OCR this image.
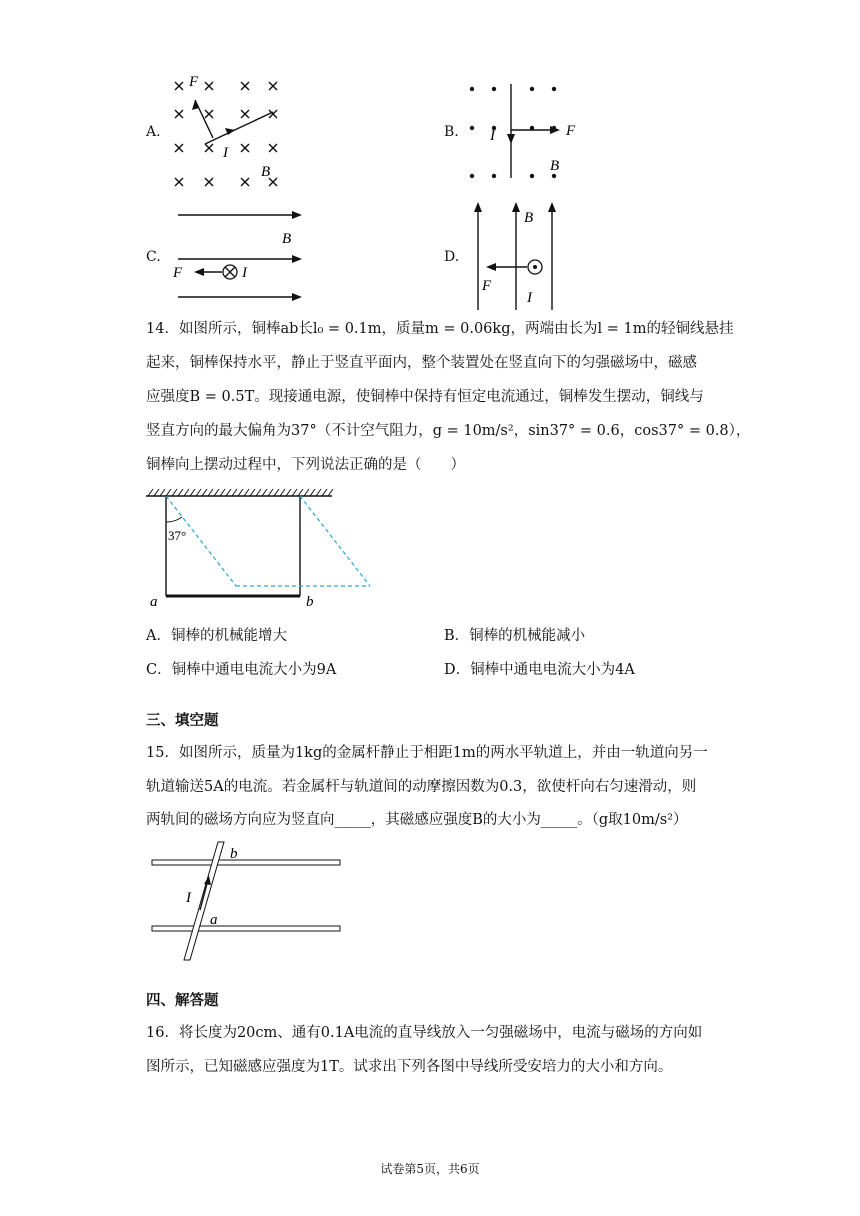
A.
F
I
B
B.	F
I
B
C.
B
F	I
D.
B
F
I
14．如图所示，铜棒ab长l₀ = 0.1m，质量m = 0.06kg，两端由长为l = 1m的轻铜线悬挂
起来，铜棒保持水平，静止于竖直平面内，整个装置处在竖直向下的匀强磁场中，磁感
应强度B = 0.5T。现接通电源，使铜棒中保持有恒定电流通过，铜棒发生摆动，铜线与
竖直方向的最大偏角为37°（不计空气阻力，g = 10m/s²，sin37° = 0.6，cos37° = 0.8），
铜棒向上摆动过程中，下列说法正确的是（　　）
37°
a	b
A．铜棒的机械能增大	B．铜棒的机械能减小
C．铜棒中通电电流大小为9A	D．铜棒中通电电流大小为4A
三、填空题
15．如图所示，质量为1kg的金属杆静止于相距1m的两水平轨道上，并由一轨道向另一
轨道输送5A的电流。若金属杆与轨道间的动摩擦因数为0.3，欲使杆向右匀速滑动，则
两轨间的磁场方向应为竖直向_____，其磁感应强度B的大小为_____。（g取10m/s²）
I
b
a
四、解答题
16．将长度为20cm、通有0.1A电流的直导线放入一匀强磁场中，电流与磁场的方向如
图所示，已知磁感应强度为1T。试求出下列各图中导线所受安培力的大小和方向。
试卷第5页，共6页
